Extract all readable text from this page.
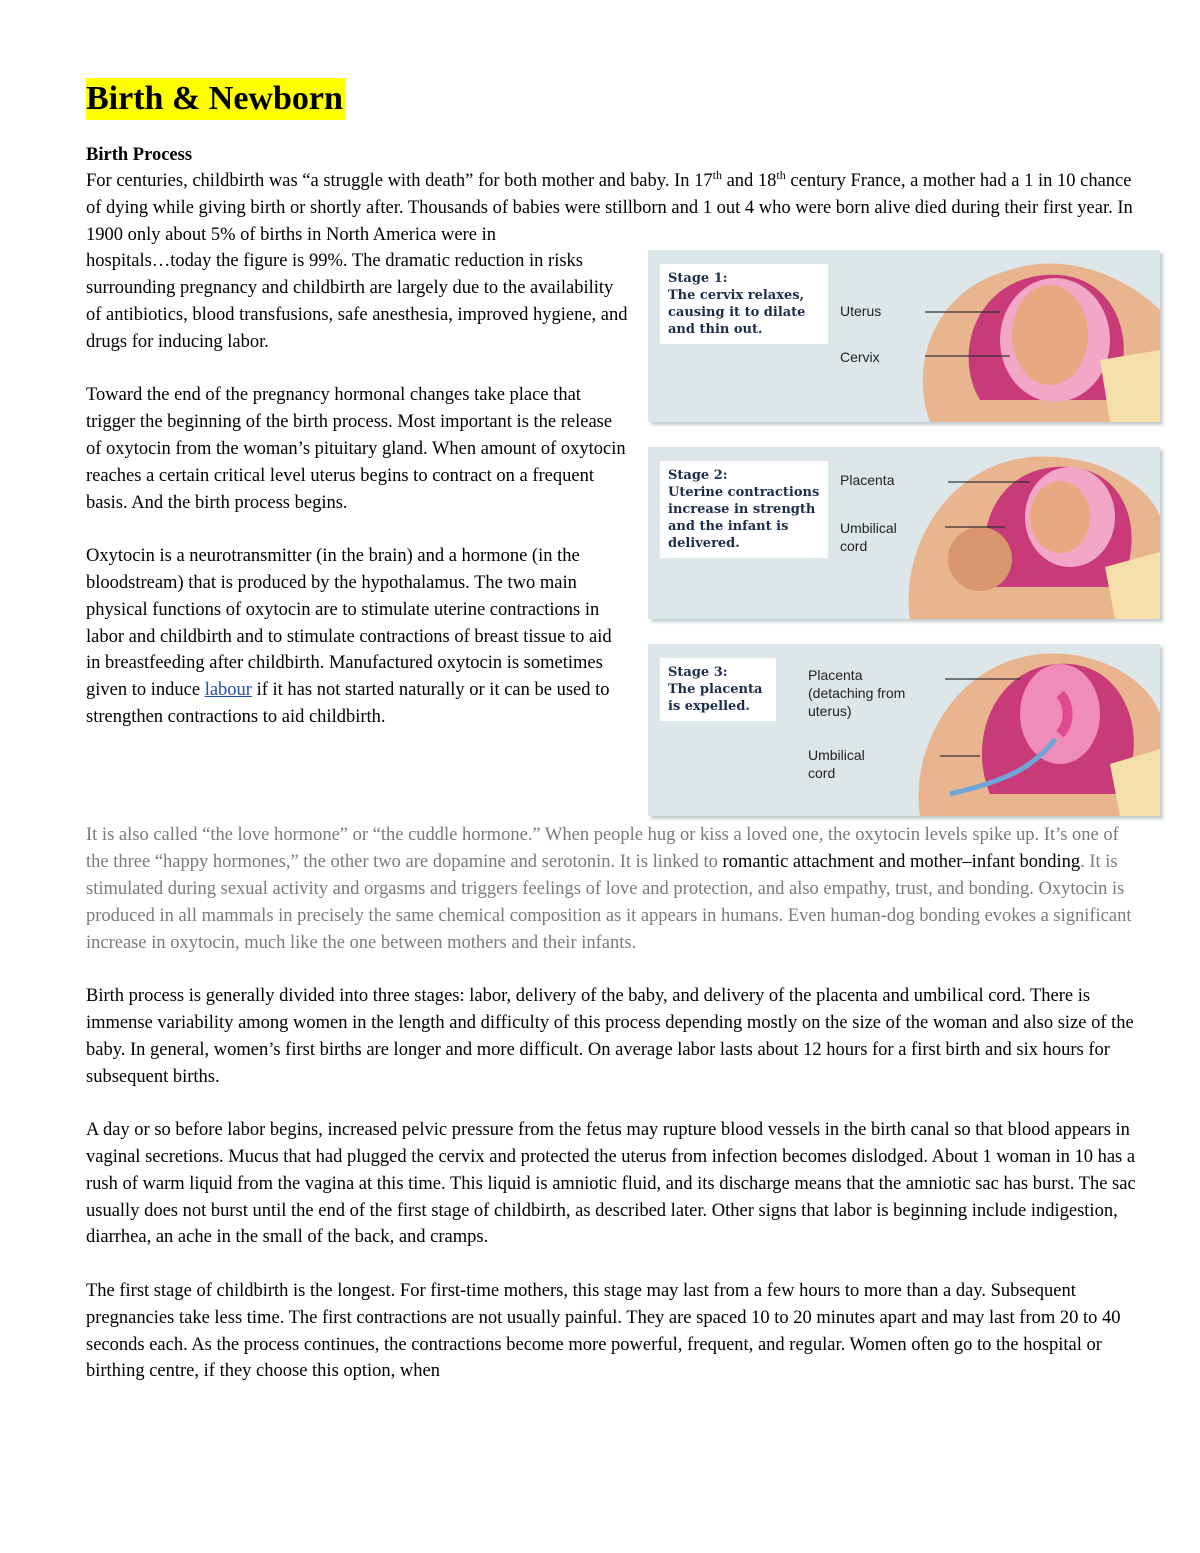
Birth & Newborn
Birth Process

For centuries, childbirth was “a struggle with death” for both mother and baby. In 17th and 18th century France, a mother had a 1 in 10 chance of dying while giving birth or shortly after. Thousands of babies were stillborn and 1 out 4 who were born alive died during their first year. In 1900 only about 5% of births in North America were in

Stage 1:
The cervix relaxes, causing it to dilate and thin out.
Uterus
Cervix
Stage 2:
Uterine contractions increase in strength and the infant is delivered.
Placenta
Umbilical cord
Stage 3:
The placenta is expelled.
Placenta (detaching from uterus)
Umbilical cord

hospitals…today the figure is 99%. The dramatic reduction in risks surrounding pregnancy and childbirth are largely due to the availability of antibiotics, blood transfusions, safe anesthesia, improved hygiene, and drugs for inducing labor.

Toward the end of the pregnancy hormonal changes take place that trigger the beginning of the birth process. Most important is the release of oxytocin from the woman’s pituitary gland. When amount of oxytocin reaches a certain critical level uterus begins to contract on a frequent basis. And the birth process begins.

Oxytocin is a neurotransmitter (in the brain) and a hormone (in the bloodstream) that is produced by the hypothalamus. The two main physical functions of oxytocin are to stimulate uterine contractions in labor and childbirth and to stimulate contractions of breast tissue to aid in breastfeeding after childbirth. Manufactured oxytocin is sometimes given to induce labour if it has not started naturally or it can be used to strengthen contractions to aid childbirth.

It is also called “the love hormone” or “the cuddle hormone.” When people hug or kiss a loved one, the oxytocin levels spike up. It’s one of the three “happy hormones,” the other two are dopamine and serotonin. It is linked to romantic attachment and mother–infant bonding. It is stimulated during sexual activity and orgasms and triggers feelings of love and protection, and also empathy, trust, and bonding. Oxytocin is produced in all mammals in precisely the same chemical composition as it appears in humans. Even human-dog bonding evokes a significant increase in oxytocin, much like the one between mothers and their infants.

Birth process is generally divided into three stages: labor, delivery of the baby, and delivery of the placenta and umbilical cord. There is immense variability among women in the length and difficulty of this process depending mostly on the size of the woman and also size of the baby. In general, women’s first births are longer and more difficult. On average labor lasts about 12 hours for a first birth and six hours for subsequent births.

A day or so before labor begins, increased pelvic pressure from the fetus may rupture blood vessels in the birth canal so that blood appears in vaginal secretions. Mucus that had plugged the cervix and protected the uterus from infection becomes dislodged. About 1 woman in 10 has a rush of warm liquid from the vagina at this time. This liquid is amniotic fluid, and its discharge means that the amniotic sac has burst. The sac usually does not burst until the end of the first stage of childbirth, as described later. Other signs that labor is beginning include indigestion, diarrhea, an ache in the small of the back, and cramps.

The first stage of childbirth is the longest. For first-time mothers, this stage may last from a few hours to more than a day. Subsequent pregnancies take less time. The first contractions are not usually painful. They are spaced 10 to 20 minutes apart and may last from 20 to 40 seconds each. As the process continues, the contractions become more powerful, frequent, and regular. Women often go to the hospital or birthing centre, if they choose this option, when
